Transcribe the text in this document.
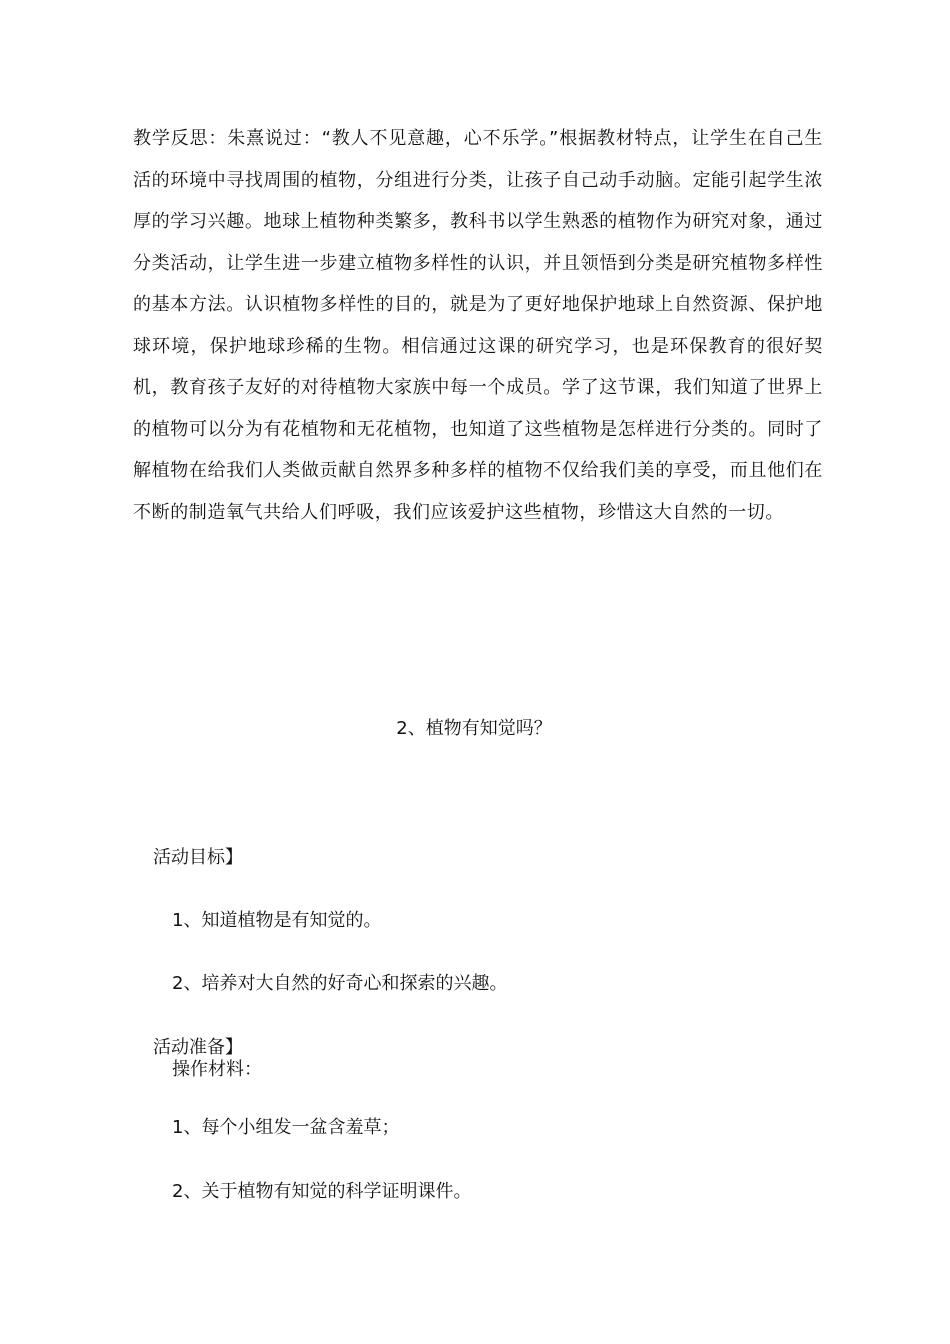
教学反思：朱熹说过：“教人不见意趣，心不乐学。”根据教材特点，让学生在自己生活的环境中寻找周围的植物，分组进行分类，让孩子自己动手动脑。定能引起学生浓厚的学习兴趣。地球上植物种类繁多，教科书以学生熟悉的植物作为研究对象，通过分类活动，让学生进一步建立植物多样性的认识，并且领悟到分类是研究植物多样性的基本方法。认识植物多样性的目的，就是为了更好地保护地球上自然资源、保护地球环境，保护地球珍稀的生物。相信通过这课的研究学习，也是环保教育的很好契机，教育孩子友好的对待植物大家族中每一个成员。学了这节课，我们知道了世界上的植物可以分为有花植物和无花植物，也知道了这些植物是怎样进行分类的。同时了解植物在给我们人类做贡献自然界多种多样的植物不仅给我们美的享受，而且他们在不断的制造氧气共给人们呼吸，我们应该爱护这些植物，珍惜这大自然的一切。

2、植物有知觉吗？
活动目标】
1、知道植物是有知觉的。
2、培养对大自然的好奇心和探索的兴趣。
活动准备】
操作材料：
1、每个小组发一盆含羞草；
2、关于植物有知觉的科学证明课件。
